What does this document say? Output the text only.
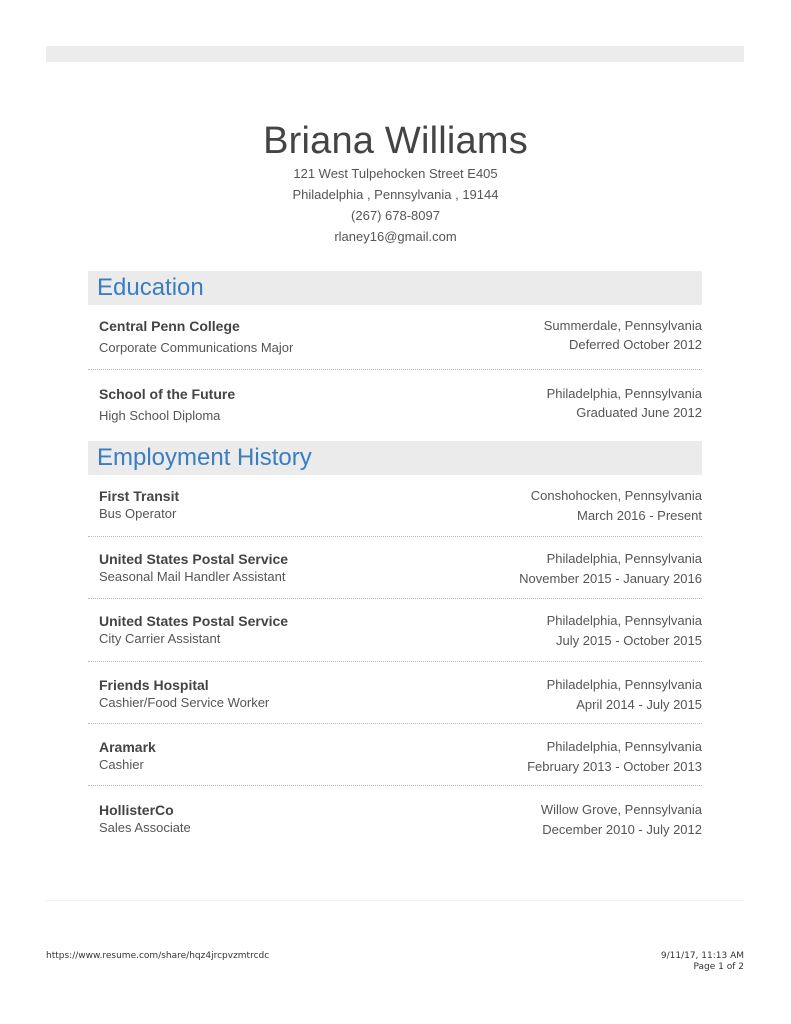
Briana Williams
121 West Tulpehocken Street E405
Philadelphia , Pennsylvania , 19144
(267) 678-8097
rlaney16@gmail.com
Education
Central Penn College
Corporate Communications Major
Summerdale, Pennsylvania
Deferred October 2012
School of the Future
High School Diploma
Philadelphia, Pennsylvania
Graduated June 2012
Employment History
First Transit
Bus Operator
Conshohocken, Pennsylvania
March 2016 - Present
United States Postal Service
Seasonal Mail Handler Assistant
Philadelphia, Pennsylvania
November 2015 - January 2016
United States Postal Service
City Carrier Assistant
Philadelphia, Pennsylvania
July 2015 - October 2015
Friends Hospital
Cashier/Food Service Worker
Philadelphia, Pennsylvania
April 2014 - July 2015
Aramark
Cashier
Philadelphia, Pennsylvania
February 2013 - October 2013
HollisterCo
Sales Associate
Willow Grove, Pennsylvania
December 2010 - July 2012
https://www.resume.com/share/hqz4jrcpvzmtrcdc	9/11/17, 11:13 AM
Page 1 of 2
